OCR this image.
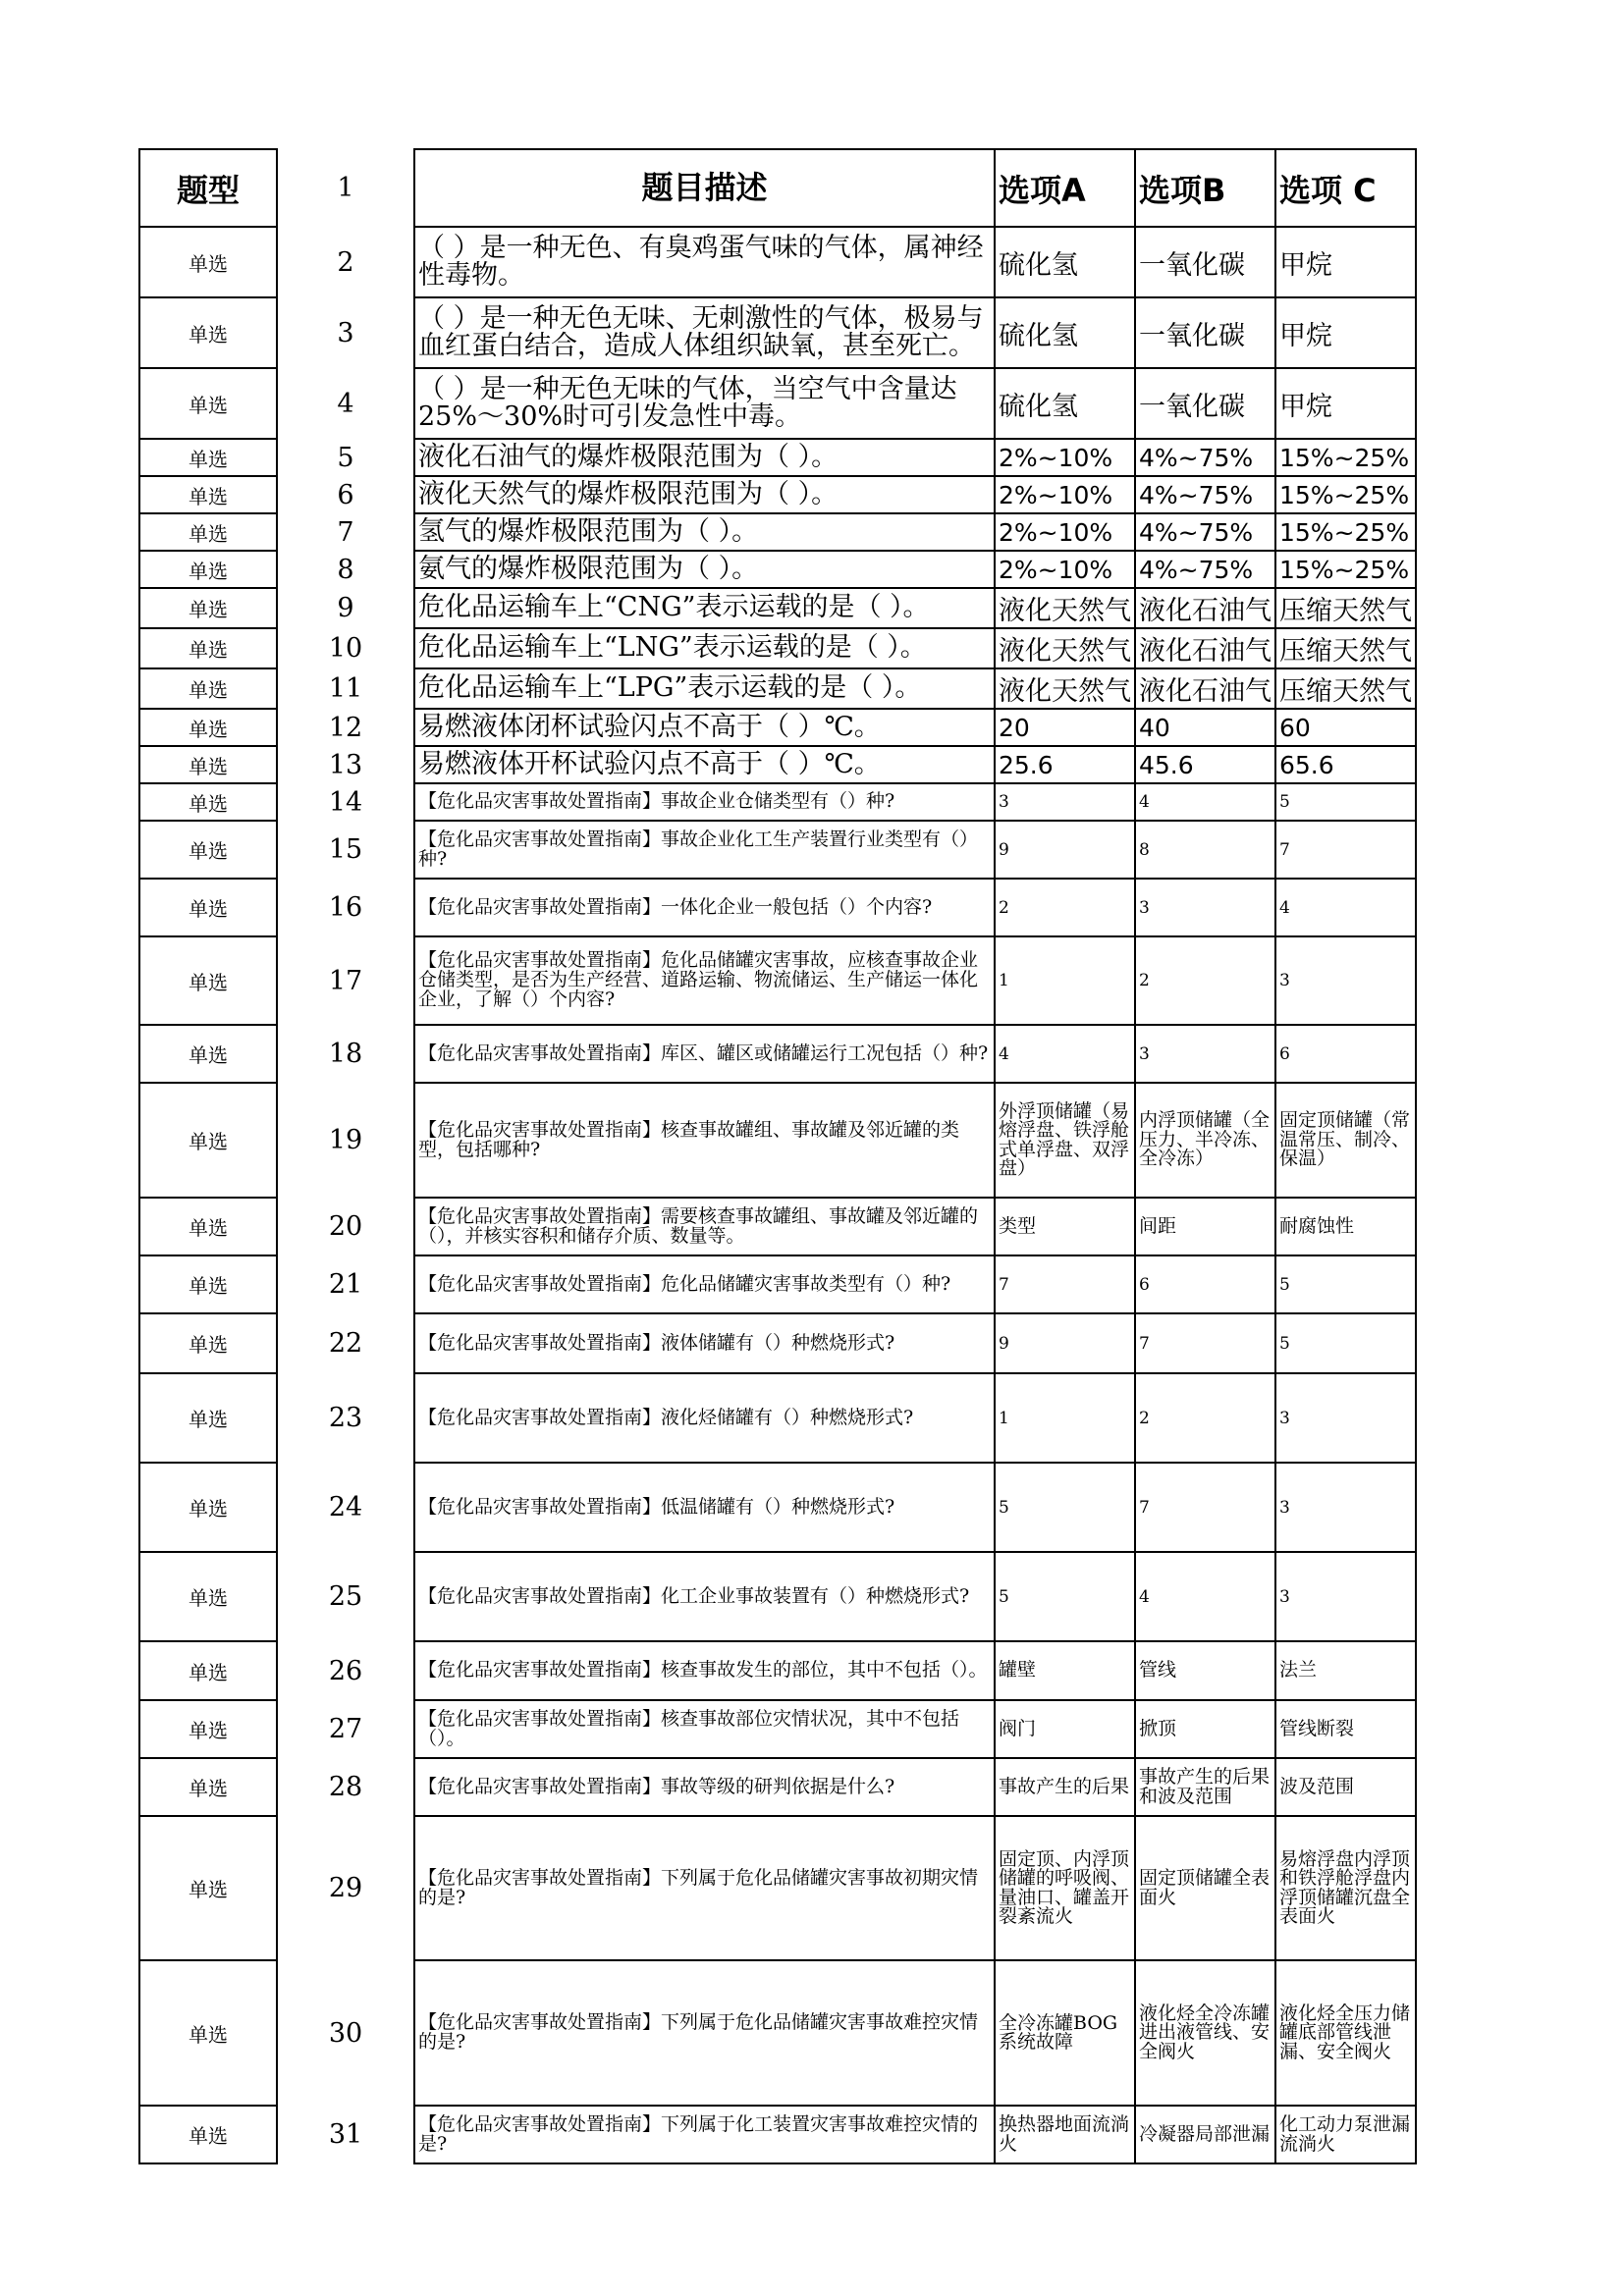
题型	1	题目描述	选项A	选项B	选项 C
单选	2	（ ）是一种无色、有臭鸡蛋气味的气体，属神经性毒物。	硫化氢	一氧化碳	甲烷
单选	3	（ ）是一种无色无味、无刺激性的气体，极易与血红蛋白结合，造成人体组织缺氧，甚至死亡。	硫化氢	一氧化碳	甲烷
单选	4	（ ）是一种无色无味的气体，当空气中含量达25%～30%时可引发急性中毒。	硫化氢	一氧化碳	甲烷
单选	5	液化石油气的爆炸极限范围为（ ）。	2%~10%	4%~75%	15%~25%
单选	6	液化天然气的爆炸极限范围为（ ）。	2%~10%	4%~75%	15%~25%
单选	7	氢气的爆炸极限范围为（ ）。	2%~10%	4%~75%	15%~25%
单选	8	氨气的爆炸极限范围为（ ）。	2%~10%	4%~75%	15%~25%
单选	9	危化品运输车上“CNG”表示运载的是（ ）。	液化天然气	液化石油气	压缩天然气
单选	10	危化品运输车上“LNG”表示运载的是（ ）。	液化天然气	液化石油气	压缩天然气
单选	11	危化品运输车上“LPG”表示运载的是（ ）。	液化天然气	液化石油气	压缩天然气
单选	12	易燃液体闭杯试验闪点不高于（ ）℃。	20	40	60
单选	13	易燃液体开杯试验闪点不高于（ ）℃。	25.6	45.6	65.6
单选	14	【危化品灾害事故处置指南】事故企业仓储类型有（）种?	3	4	5
单选	15	【危化品灾害事故处置指南】事故企业化工生产装置行业类型有（）种?	9	8	7
单选	16	【危化品灾害事故处置指南】一体化企业一般包括（）个内容?	2	3	4
单选	17	【危化品灾害事故处置指南】危化品储罐灾害事故，应核查事故企业仓储类型，是否为生产经营、道路运输、物流储运、生产储运一体化企业，了解（）个内容?	1	2	3
单选	18	【危化品灾害事故处置指南】库区、罐区或储罐运行工况包括（）种?	4	3	6
单选	19	【危化品灾害事故处置指南】核查事故罐组、事故罐及邻近罐的类型，包括哪种?	外浮顶储罐（易熔浮盘、铁浮舱式单浮盘、双浮盘）	内浮顶储罐（全压力、半冷冻、全冷冻）	固定顶储罐（常温常压、制冷、保温）
单选	20	【危化品灾害事故处置指南】需要核查事故罐组、事故罐及邻近罐的（），并核实容积和储存介质、数量等。	类型	间距	耐腐蚀性
单选	21	【危化品灾害事故处置指南】危化品储罐灾害事故类型有（）种?	7	6	5
单选	22	【危化品灾害事故处置指南】液体储罐有（）种燃烧形式?	9	7	5
单选	23	【危化品灾害事故处置指南】液化烃储罐有（）种燃烧形式?	1	2	3
单选	24	【危化品灾害事故处置指南】低温储罐有（）种燃烧形式?	5	7	3
单选	25	【危化品灾害事故处置指南】化工企业事故装置有（）种燃烧形式?	5	4	3
单选	26	【危化品灾害事故处置指南】核查事故发生的部位，其中不包括（）。	罐壁	管线	法兰
单选	27	【危化品灾害事故处置指南】核查事故部位灾情状况，其中不包括（）。	阀门	掀顶	管线断裂
单选	28	【危化品灾害事故处置指南】事故等级的研判依据是什么?	事故产生的后果	事故产生的后果和波及范围	波及范围
单选	29	【危化品灾害事故处置指南】下列属于危化品储罐灾害事故初期灾情的是?	固定顶、内浮顶储罐的呼吸阀、量油口、罐盖开裂紊流火	固定顶储罐全表面火	易熔浮盘内浮顶和铁浮舱浮盘内浮顶储罐沉盘全表面火
单选	30	【危化品灾害事故处置指南】下列属于危化品储罐灾害事故难控灾情的是?	全冷冻罐BOG系统故障	液化烃全冷冻罐进出液管线、安全阀火	液化烃全压力储罐底部管线泄漏、安全阀火
单选	31	【危化品灾害事故处置指南】下列属于化工装置灾害事故难控灾情的是?	换热器地面流淌火	冷凝器局部泄漏	化工动力泵泄漏流淌火
